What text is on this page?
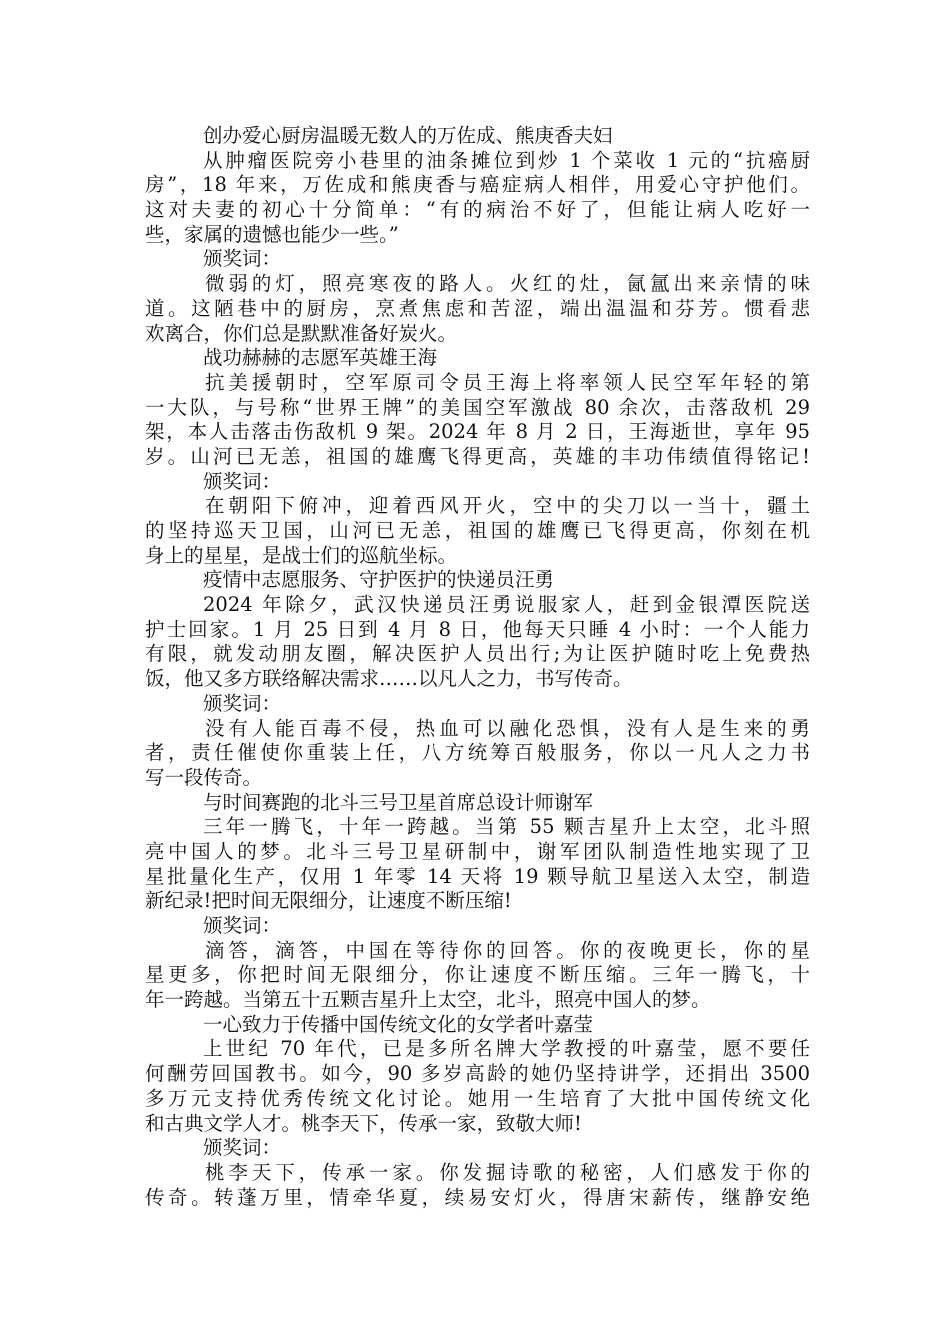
创办爱心厨房温暖无数人的万佐成、熊庚香夫妇
从肿瘤医院旁小巷里的油条摊位到炒 1 个菜收 1 元的“抗癌厨
房”，18 年来，万佐成和熊庚香与癌症病人相伴，用爱心守护他们。
这对夫妻的初心十分简单：“有的病治不好了，但能让病人吃好一
些，家属的遗憾也能少一些。”
颁奖词：
微弱的灯，照亮寒夜的路人。火红的灶，氤氲出来亲情的味
道。这陋巷中的厨房，烹煮焦虑和苦涩，端出温温和芬芳。惯看悲
欢离合，你们总是默默准备好炭火。
战功赫赫的志愿军英雄王海
抗美援朝时，空军原司令员王海上将率领人民空军年轻的第
一大队，与号称“世界王牌”的美国空军激战 80 余次，击落敌机 29
架，本人击落击伤敌机 9 架。2024 年 8 月 2 日，王海逝世，享年 95
岁。山河已无恙，祖国的雄鹰飞得更高，英雄的丰功伟绩值得铭记!
颁奖词：
在朝阳下俯冲，迎着西风开火，空中的尖刀以一当十，疆土
的坚持巡天卫国，山河已无恙，祖国的雄鹰已飞得更高，你刻在机
身上的星星，是战士们的巡航坐标。
疫情中志愿服务、守护医护的快递员汪勇
2024 年除夕，武汉快递员汪勇说服家人，赶到金银潭医院送
护士回家。1 月 25 日到 4 月 8 日，他每天只睡 4 小时：一个人能力
有限，就发动朋友圈，解决医护人员出行;为让医护随时吃上免费热
饭，他又多方联络解决需求……以凡人之力，书写传奇。
颁奖词：
没有人能百毒不侵，热血可以融化恐惧，没有人是生来的勇
者，责任催使你重装上任，八方统筹百般服务，你以一凡人之力书
写一段传奇。
与时间赛跑的北斗三号卫星首席总设计师谢军
三年一腾飞，十年一跨越。当第 55 颗吉星升上太空，北斗照
亮中国人的梦。北斗三号卫星研制中，谢军团队制造性地实现了卫
星批量化生产，仅用 1 年零 14 天将 19 颗导航卫星送入太空，制造
新纪录!把时间无限细分，让速度不断压缩!
颁奖词：
滴答，滴答，中国在等待你的回答。你的夜晚更长，你的星
星更多，你把时间无限细分，你让速度不断压缩。三年一腾飞，十
年一跨越。当第五十五颗吉星升上太空，北斗，照亮中国人的梦。
一心致力于传播中国传统文化的女学者叶嘉莹
上世纪 70 年代，已是多所名牌大学教授的叶嘉莹，愿不要任
何酬劳回国教书。如今，90 多岁高龄的她仍坚持讲学，还捐出 3500
多万元支持优秀传统文化讨论。她用一生培育了大批中国传统文化
和古典文学人才。桃李天下，传承一家，致敬大师!
颁奖词：
桃李天下，传承一家。你发掘诗歌的秘密，人们感发于你的
传奇。转蓬万里，情牵华夏，续易安灯火，得唐宋薪传，继静安绝
